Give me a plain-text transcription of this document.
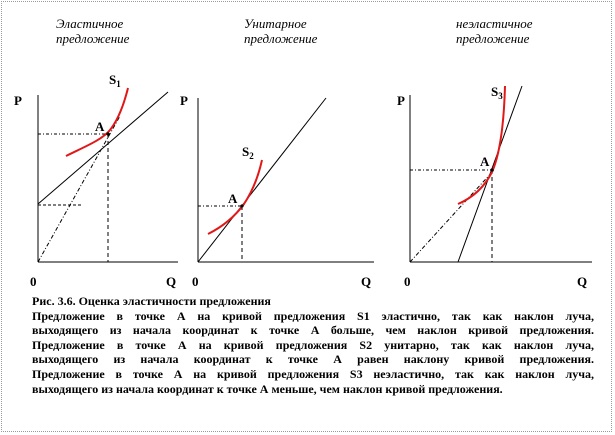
Эластичное
предложение
Унитарное
предложение
неэластичное
предложение
A
$S_1$
P
0	Q
A
$S_2$
P
0	Q
A
$S_3$
P
0	Q
Рис. 3.6. Оценка эластичности предложения
Предложение в точке А на кривой предложения S1 эластично, так как наклон луча,
выходящего из начала координат к точке А больше, чем наклон кривой предложения.
Предложение в точке А на кривой предложения S2 унитарно, так как наклон луча,
выходящего из начала координат к точке А равен наклону кривой предложения.
Предложение в точке А на кривой предложения S3 неэластично, так как наклон луча,
выходящего из начала координат к точке А меньше, чем наклон кривой предложения.
